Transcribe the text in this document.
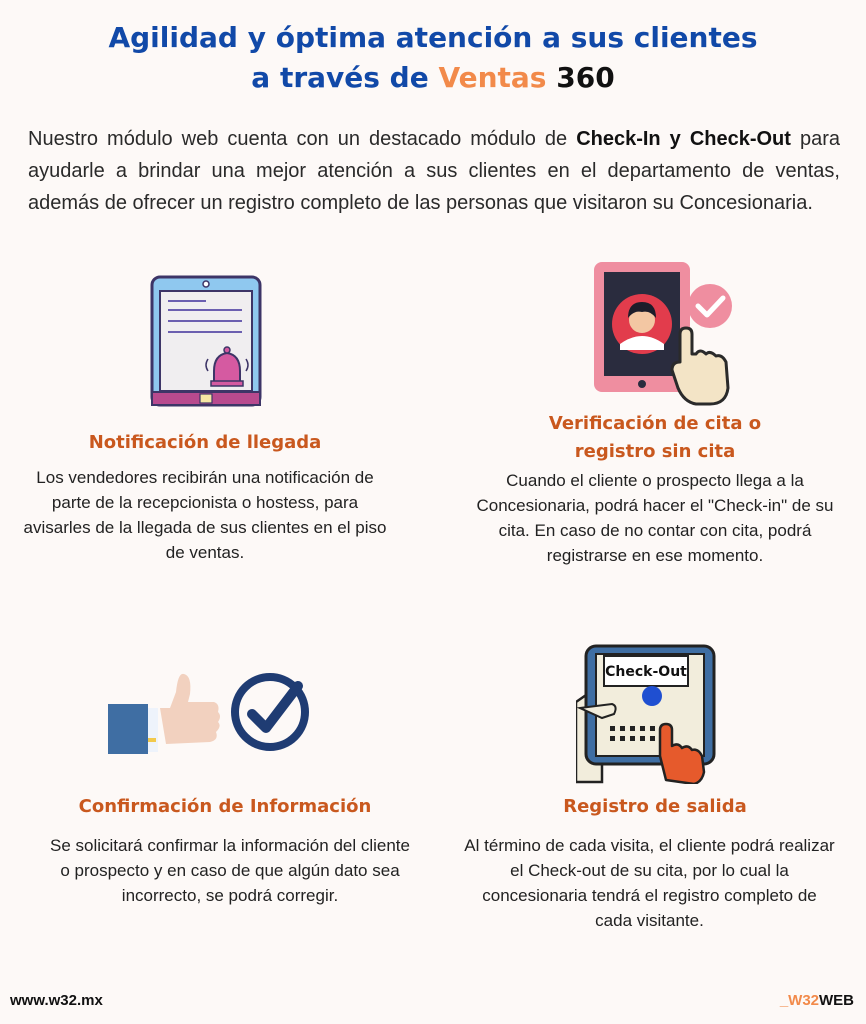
Agilidad y óptima atención a sus clientes
a través de Ventas 360

Nuestro módulo web cuenta con un destacado módulo de Check-In y Check-Out para ayudarle a brindar una mejor atención a sus clientes en el departamento de ventas, además de ofrecer un registro completo de las personas que visitaron su Concesionaria.

Check-Out
Notificación de llegada

Los vendedores recibirán una notificación de parte de la recepcionista o hostess, para avisarles de la llegada de sus clientes en el piso de ventas.

Verificación de cita o
registro sin cita

Cuando el cliente o prospecto llega a la Concesionaria, podrá hacer el "Check-in" de su cita. En caso de no contar con cita, podrá registrarse en ese momento.

Confirmación de Información

Se solicitará confirmar la información del cliente o prospecto y en caso de que algún dato sea incorrecto, se podrá corregir.

Registro de salida

Al término de cada visita, el cliente podrá realizar el Check-out de su cita, por lo cual la concesionaria tendrá el registro completo de cada visitante.

www.w32.mx	_W32WEB
